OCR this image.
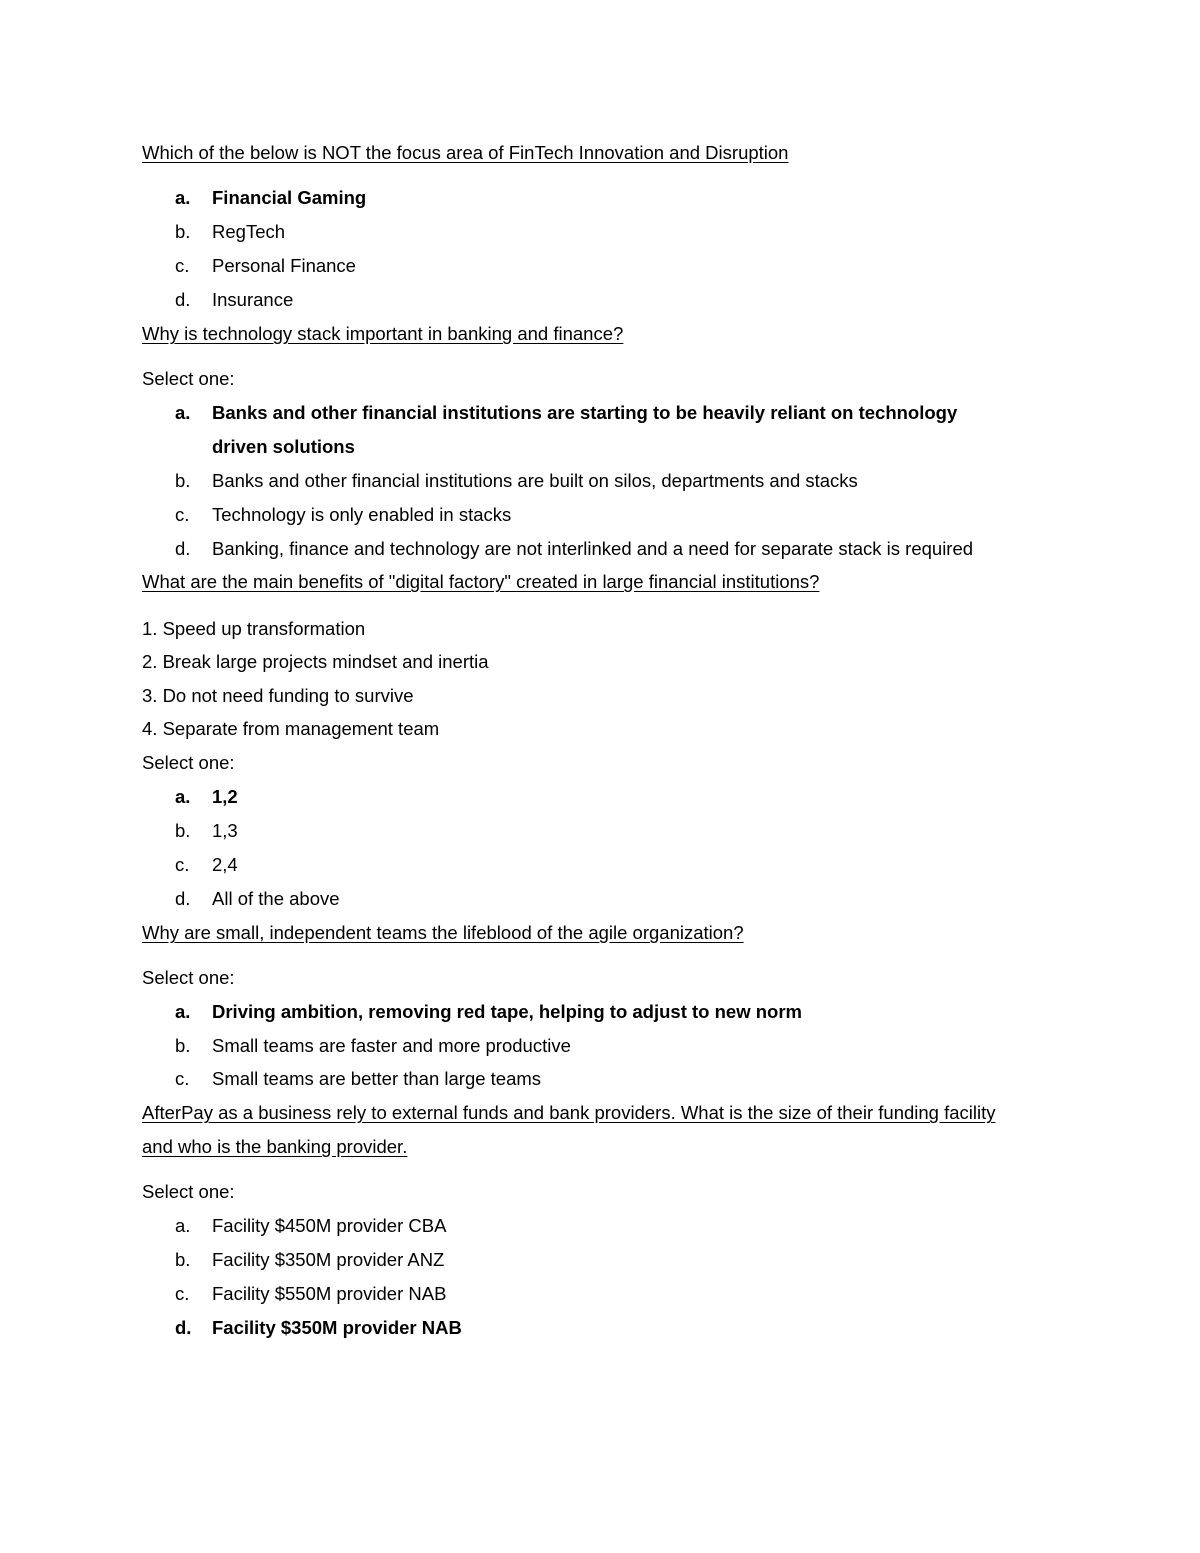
Which of the below is NOT the focus area of FinTech Innovation and Disruption
a. Financial Gaming
b. RegTech
c. Personal Finance
d. Insurance
Why is technology stack important in banking and finance?
Select one:
a. Banks and other financial institutions are starting to be heavily reliant on technology
driven solutions
b. Banks and other financial institutions are built on silos, departments and stacks
c. Technology is only enabled in stacks
d. Banking, finance and technology are not interlinked and a need for separate stack is required
What are the main benefits of "digital factory" created in large financial institutions?
1. Speed up transformation
2. Break large projects mindset and inertia
3. Do not need funding to survive
4. Separate from management team
Select one:
a. 1,2
b. 1,3
c. 2,4
d. All of the above
Why are small, independent teams the lifeblood of the agile organization?
Select one:
a. Driving ambition, removing red tape, helping to adjust to new norm
b. Small teams are faster and more productive
c. Small teams are better than large teams
AfterPay as a business rely to external funds and bank providers. What is the size of their funding facility
and who is the banking provider.
Select one:
a. Facility $450M provider CBA
b. Facility $350M provider ANZ
c. Facility $550M provider NAB
d. Facility $350M provider NAB
